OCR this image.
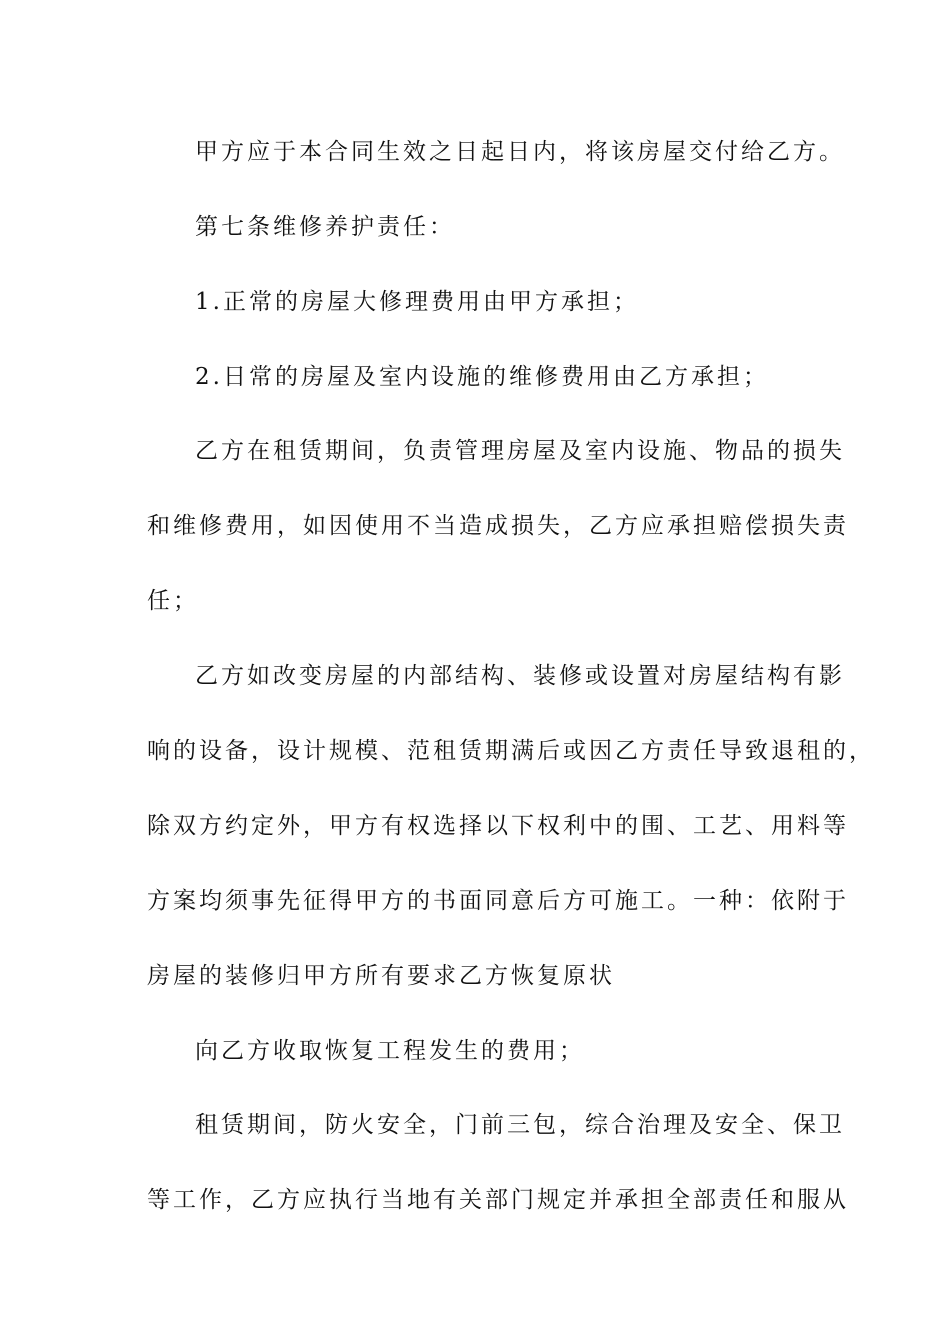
甲方应于本合同生效之日起日内，将该房屋交付给乙方。
第七条维修养护责任：
1.正常的房屋大修理费用由甲方承担；
2.日常的房屋及室内设施的维修费用由乙方承担；
乙方在租赁期间，负责管理房屋及室内设施、物品的损失
和维修费用，如因使用不当造成损失，乙方应承担赔偿损失责
任；
乙方如改变房屋的内部结构、装修或设置对房屋结构有影
响的设备，设计规模、范租赁期满后或因乙方责任导致退租的，
除双方约定外，甲方有权选择以下权利中的围、工艺、用料等
方案均须事先征得甲方的书面同意后方可施工。一种：依附于
房屋的装修归甲方所有要求乙方恢复原状
向乙方收取恢复工程发生的费用；
租赁期间，防火安全，门前三包，综合治理及安全、保卫
等工作，乙方应执行当地有关部门规定并承担全部责任和服从
